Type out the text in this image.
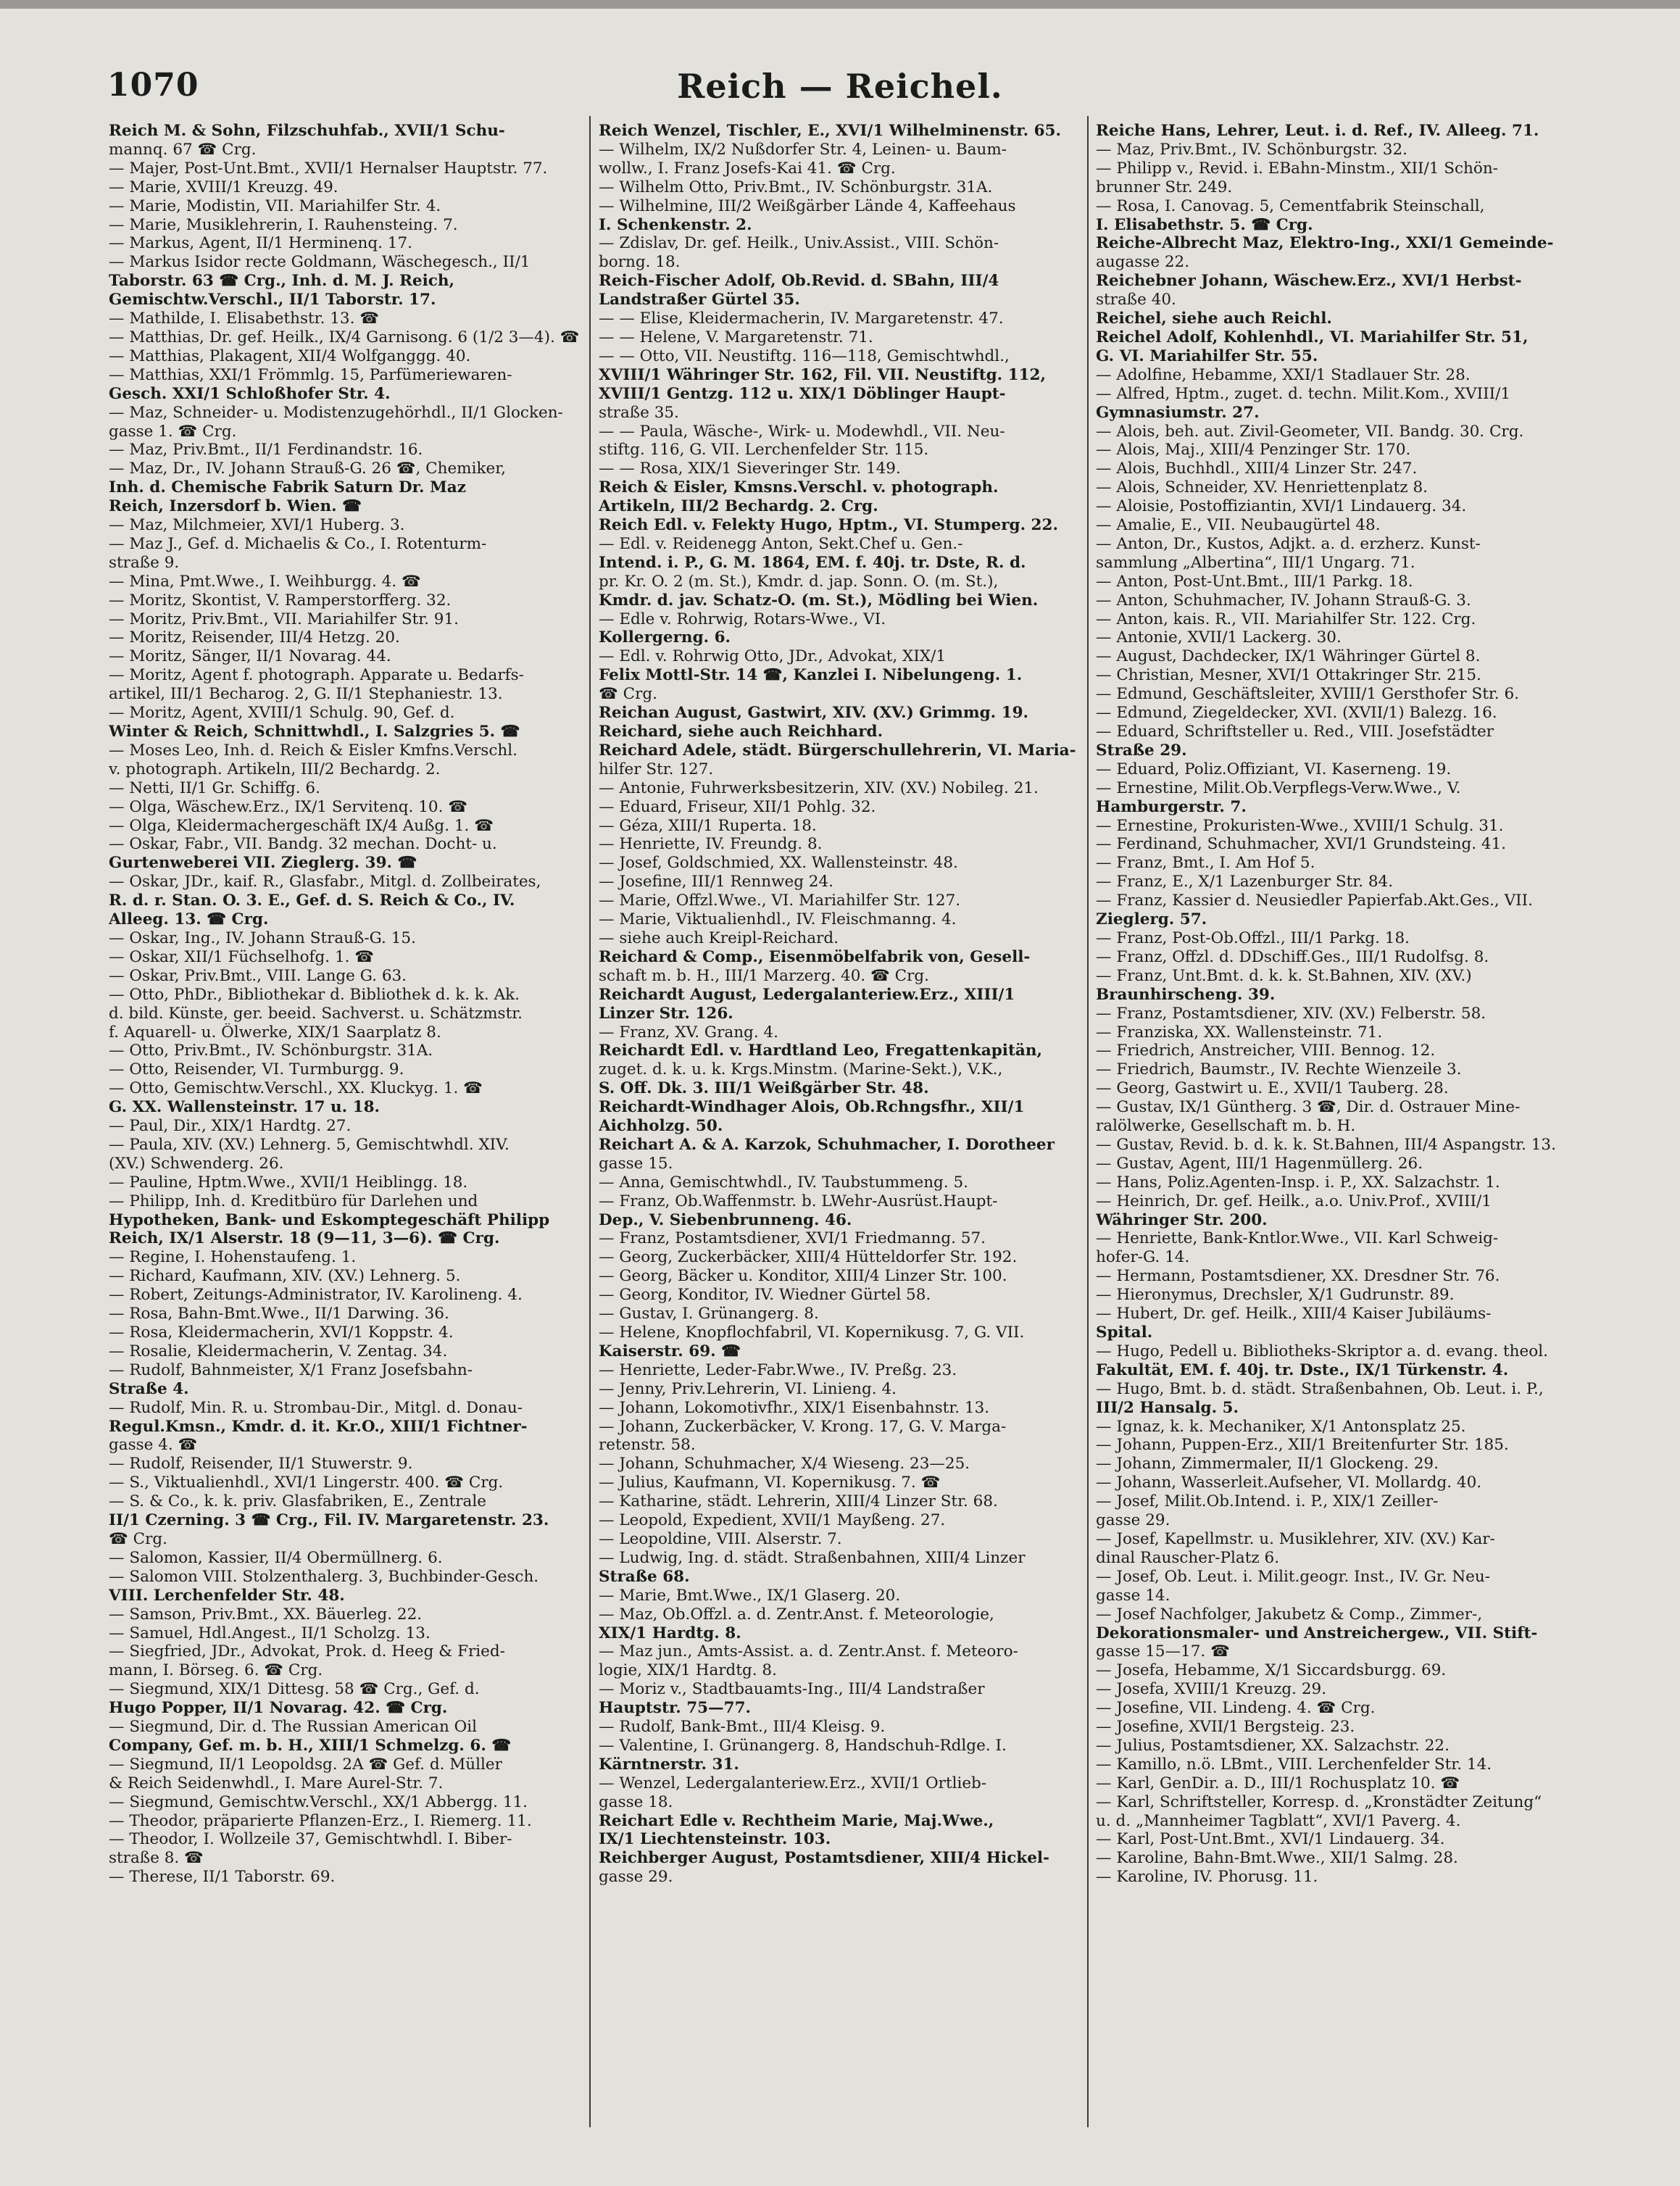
1070	Reich — Reichel.
Reich M. & Sohn, Filzschuhfab., XVII/1 Schu-
mannq. 67 ☎ Crg.
— Majer, Post-Unt.Bmt., XVII/1 Hernalser Hauptstr. 77.
— Marie, XVIII/1 Kreuzg. 49.
— Marie, Modistin, VII. Mariahilfer Str. 4.
— Marie, Musiklehrerin, I. Rauhensteing. 7.
— Markus, Agent, II/1 Herminenq. 17.
— Markus Isidor recte Goldmann, Wäschegesch., II/1
Taborstr. 63 ☎ Crg., Inh. d. M. J. Reich,
Gemischtw.Verschl., II/1 Taborstr. 17.
— Mathilde, I. Elisabethstr. 13. ☎
— Matthias, Dr. gef. Heilk., IX/4 Garnisong. 6 (1/2 3—4). ☎
— Matthias, Plakagent, XII/4 Wolfganggg. 40.
— Matthias, XXI/1 Frömmlg. 15, Parfümeriewaren-
Gesch. XXI/1 Schloßhofer Str. 4.
— Maz, Schneider- u. Modistenzugehörhdl., II/1 Glocken-
gasse 1. ☎ Crg.
— Maz, Priv.Bmt., II/1 Ferdinandstr. 16.
— Maz, Dr., IV. Johann Strauß-G. 26 ☎, Chemiker,
Inh. d. Chemische Fabrik Saturn Dr. Maz
Reich, Inzersdorf b. Wien. ☎
— Maz, Milchmeier, XVI/1 Huberg. 3.
— Maz J., Gef. d. Michaelis & Co., I. Rotenturm-
straße 9.
— Mina, Pmt.Wwe., I. Weihburgg. 4. ☎
— Moritz, Skontist, V. Ramperstorfferg. 32.
— Moritz, Priv.Bmt., VII. Mariahilfer Str. 91.
— Moritz, Reisender, III/4 Hetzg. 20.
— Moritz, Sänger, II/1 Novarag. 44.
— Moritz, Agent f. photograph. Apparate u. Bedarfs-
artikel, III/1 Becharog. 2, G. II/1 Stephaniestr. 13.
— Moritz, Agent, XVIII/1 Schulg. 90, Gef. d.
Winter & Reich, Schnittwhdl., I. Salzgries 5. ☎
— Moses Leo, Inh. d. Reich & Eisler Kmfns.Verschl.
v. photograph. Artikeln, III/2 Bechardg. 2.
— Netti, II/1 Gr. Schiffg. 6.
— Olga, Wäschew.Erz., IX/1 Servitenq. 10. ☎
— Olga, Kleidermachergeschäft IX/4 Außg. 1. ☎
— Oskar, Fabr., VII. Bandg. 32 mechan. Docht- u.
Gurtenweberei VII. Zieglerg. 39. ☎
— Oskar, JDr., kaif. R., Glasfabr., Mitgl. d. Zollbeirates,
R. d. r. Stan. O. 3. E., Gef. d. S. Reich & Co., IV.
Alleeg. 13. ☎ Crg.
— Oskar, Ing., IV. Johann Strauß-G. 15.
— Oskar, XII/1 Füchselhofg. 1. ☎
— Oskar, Priv.Bmt., VIII. Lange G. 63.
— Otto, PhDr., Bibliothekar d. Bibliothek d. k. k. Ak.
d. bild. Künste, ger. beeid. Sachverst. u. Schätzmstr.
f. Aquarell- u. Ölwerke, XIX/1 Saarplatz 8.
— Otto, Priv.Bmt., IV. Schönburgstr. 31A.
— Otto, Reisender, VI. Turmburgg. 9.
— Otto, Gemischtw.Verschl., XX. Kluckyg. 1. ☎
G. XX. Wallensteinstr. 17 u. 18.
— Paul, Dir., XIX/1 Hardtg. 27.
— Paula, XIV. (XV.) Lehnerg. 5, Gemischtwhdl. XIV.
(XV.) Schwenderg. 26.
— Pauline, Hptm.Wwe., XVII/1 Heiblingg. 18.
— Philipp, Inh. d. Kreditbüro für Darlehen und
Hypotheken, Bank- und Eskomptegeschäft Philipp
Reich, IX/1 Alserstr. 18 (9—11, 3—6). ☎ Crg.
— Regine, I. Hohenstaufeng. 1.
— Richard, Kaufmann, XIV. (XV.) Lehnerg. 5.
— Robert, Zeitungs-Administrator, IV. Karolineng. 4.
— Rosa, Bahn-Bmt.Wwe., II/1 Darwing. 36.
— Rosa, Kleidermacherin, XVI/1 Koppstr. 4.
— Rosalie, Kleidermacherin, V. Zentag. 34.
— Rudolf, Bahnmeister, X/1 Franz Josefsbahn-
Straße 4.
— Rudolf, Min. R. u. Strombau-Dir., Mitgl. d. Donau-
Regul.Kmsn., Kmdr. d. it. Kr.O., XIII/1 Fichtner-
gasse 4. ☎
— Rudolf, Reisender, II/1 Stuwerstr. 9.
— S., Viktualienhdl., XVI/1 Lingerstr. 400. ☎ Crg.
— S. & Co., k. k. priv. Glasfabriken, E., Zentrale
II/1 Czerning. 3 ☎ Crg., Fil. IV. Margaretenstr. 23.
☎ Crg.
— Salomon, Kassier, II/4 Obermüllnerg. 6.
— Salomon VIII. Stolzenthalerg. 3, Buchbinder-Gesch.
VIII. Lerchenfelder Str. 48.
— Samson, Priv.Bmt., XX. Bäuerleg. 22.
— Samuel, Hdl.Angest., II/1 Scholzg. 13.
— Siegfried, JDr., Advokat, Prok. d. Heeg & Fried-
mann, I. Börseg. 6. ☎ Crg.
— Siegmund, XIX/1 Dittesg. 58 ☎ Crg., Gef. d.
Hugo Popper, II/1 Novarag. 42. ☎ Crg.
— Siegmund, Dir. d. The Russian American Oil
Company, Gef. m. b. H., XIII/1 Schmelzg. 6. ☎
— Siegmund, II/1 Leopoldsg. 2A ☎ Gef. d. Müller
& Reich Seidenwhdl., I. Mare Aurel-Str. 7.
— Siegmund, Gemischtw.Verschl., XX/1 Abbergg. 11.
— Theodor, präparierte Pflanzen-Erz., I. Riemerg. 11.
— Theodor, I. Wollzeile 37, Gemischtwhdl. I. Biber-
straße 8. ☎
— Therese, II/1 Taborstr. 69.
Reich Wenzel, Tischler, E., XVI/1 Wilhelminenstr. 65.
— Wilhelm, IX/2 Nußdorfer Str. 4, Leinen- u. Baum-
wollw., I. Franz Josefs-Kai 41. ☎ Crg.
— Wilhelm Otto, Priv.Bmt., IV. Schönburgstr. 31A.
— Wilhelmine, III/2 Weißgärber Lände 4, Kaffeehaus
I. Schenkenstr. 2.
— Zdislav, Dr. gef. Heilk., Univ.Assist., VIII. Schön-
borng. 18.
Reich-Fischer Adolf, Ob.Revid. d. SBahn, III/4
Landstraßer Gürtel 35.
— — Elise, Kleidermacherin, IV. Margaretenstr. 47.
— — Helene, V. Margaretenstr. 71.
— — Otto, VII. Neustiftg. 116—118, Gemischtwhdl.,
XVIII/1 Währinger Str. 162, Fil. VII. Neustiftg. 112,
XVIII/1 Gentzg. 112 u. XIX/1 Döblinger Haupt-
straße 35.
— — Paula, Wäsche-, Wirk- u. Modewhdl., VII. Neu-
stiftg. 116, G. VII. Lerchenfelder Str. 115.
— — Rosa, XIX/1 Sieveringer Str. 149.
Reich & Eisler, Kmsns.Verschl. v. photograph.
Artikeln, III/2 Bechardg. 2. Crg.
Reich Edl. v. Felekty Hugo, Hptm., VI. Stumperg. 22.
— Edl. v. Reidenegg Anton, Sekt.Chef u. Gen.-
Intend. i. P., G. M. 1864, EM. f. 40j. tr. Dste, R. d.
pr. Kr. O. 2 (m. St.), Kmdr. d. jap. Sonn. O. (m. St.),
Kmdr. d. jav. Schatz-O. (m. St.), Mödling bei Wien.
— Edle v. Rohrwig, Rotars-Wwe., VI.
Kollergerng. 6.
— Edl. v. Rohrwig Otto, JDr., Advokat, XIX/1
Felix Mottl-Str. 14 ☎, Kanzlei I. Nibelungeng. 1.
☎ Crg.
Reichan August, Gastwirt, XIV. (XV.) Grimmg. 19.
Reichard, siehe auch Reichhard.
Reichard Adele, städt. Bürgerschullehrerin, VI. Maria-
hilfer Str. 127.
— Antonie, Fuhrwerksbesitzerin, XIV. (XV.) Nobileg. 21.
— Eduard, Friseur, XII/1 Pohlg. 32.
— Géza, XIII/1 Ruperta. 18.
— Henriette, IV. Freundg. 8.
— Josef, Goldschmied, XX. Wallensteinstr. 48.
— Josefine, III/1 Rennweg 24.
— Marie, Offzl.Wwe., VI. Mariahilfer Str. 127.
— Marie, Viktualienhdl., IV. Fleischmanng. 4.
— siehe auch Kreipl-Reichard.
Reichard & Comp., Eisenmöbelfabrik von, Gesell-
schaft m. b. H., III/1 Marzerg. 40. ☎ Crg.
Reichardt August, Ledergalanteriew.Erz., XIII/1
Linzer Str. 126.
— Franz, XV. Grang. 4.
Reichardt Edl. v. Hardtland Leo, Fregattenkapitän,
zuget. d. k. u. k. Krgs.Minstm. (Marine-Sekt.), V.K.,
S. Off. Dk. 3. III/1 Weißgärber Str. 48.
Reichardt-Windhager Alois, Ob.Rchngsfhr., XII/1
Aichholzg. 50.
Reichart A. & A. Karzok, Schuhmacher, I. Dorotheer
gasse 15.
— Anna, Gemischtwhdl., IV. Taubstummeng. 5.
— Franz, Ob.Waffenmstr. b. LWehr-Ausrüst.Haupt-
Dep., V. Siebenbrunneng. 46.
— Franz, Postamtsdiener, XVI/1 Friedmanng. 57.
— Georg, Zuckerbäcker, XIII/4 Hütteldorfer Str. 192.
— Georg, Bäcker u. Konditor, XIII/4 Linzer Str. 100.
— Georg, Konditor, IV. Wiedner Gürtel 58.
— Gustav, I. Grünangerg. 8.
— Helene, Knopflochfabril, VI. Kopernikusg. 7, G. VII.
Kaiserstr. 69. ☎
— Henriette, Leder-Fabr.Wwe., IV. Preßg. 23.
— Jenny, Priv.Lehrerin, VI. Linieng. 4.
— Johann, Lokomotivfhr., XIX/1 Eisenbahnstr. 13.
— Johann, Zuckerbäcker, V. Krong. 17, G. V. Marga-
retenstr. 58.
— Johann, Schuhmacher, X/4 Wieseng. 23—25.
— Julius, Kaufmann, VI. Kopernikusg. 7. ☎
— Katharine, städt. Lehrerin, XIII/4 Linzer Str. 68.
— Leopold, Expedient, XVII/1 Mayßeng. 27.
— Leopoldine, VIII. Alserstr. 7.
— Ludwig, Ing. d. städt. Straßenbahnen, XIII/4 Linzer
Straße 68.
— Marie, Bmt.Wwe., IX/1 Glaserg. 20.
— Maz, Ob.Offzl. a. d. Zentr.Anst. f. Meteorologie,
XIX/1 Hardtg. 8.
— Maz jun., Amts-Assist. a. d. Zentr.Anst. f. Meteoro-
logie, XIX/1 Hardtg. 8.
— Moriz v., Stadtbauamts-Ing., III/4 Landstraßer
Hauptstr. 75—77.
— Rudolf, Bank-Bmt., III/4 Kleisg. 9.
— Valentine, I. Grünangerg. 8, Handschuh-Rdlge. I.
Kärntnerstr. 31.
— Wenzel, Ledergalanteriew.Erz., XVII/1 Ortlieb-
gasse 18.
Reichart Edle v. Rechtheim Marie, Maj.Wwe.,
IX/1 Liechtensteinstr. 103.
Reichberger August, Postamtsdiener, XIII/4 Hickel-
gasse 29.
Reiche Hans, Lehrer, Leut. i. d. Ref., IV. Alleeg. 71.
— Maz, Priv.Bmt., IV. Schönburgstr. 32.
— Philipp v., Revid. i. EBahn-Minstm., XII/1 Schön-
brunner Str. 249.
— Rosa, I. Canovag. 5, Cementfabrik Steinschall,
I. Elisabethstr. 5. ☎ Crg.
Reiche-Albrecht Maz, Elektro-Ing., XXI/1 Gemeinde-
augasse 22.
Reichebner Johann, Wäschew.Erz., XVI/1 Herbst-
straße 40.
Reichel, siehe auch Reichl.
Reichel Adolf, Kohlenhdl., VI. Mariahilfer Str. 51,
G. VI. Mariahilfer Str. 55.
— Adolfine, Hebamme, XXI/1 Stadlauer Str. 28.
— Alfred, Hptm., zuget. d. techn. Milit.Kom., XVIII/1
Gymnasiumstr. 27.
— Alois, beh. aut. Zivil-Geometer, VII. Bandg. 30. Crg.
— Alois, Maj., XIII/4 Penzinger Str. 170.
— Alois, Buchhdl., XIII/4 Linzer Str. 247.
— Alois, Schneider, XV. Henriettenplatz 8.
— Aloisie, Postoffiziantin, XVI/1 Lindauerg. 34.
— Amalie, E., VII. Neubaugürtel 48.
— Anton, Dr., Kustos, Adjkt. a. d. erzherz. Kunst-
sammlung „Albertina“, III/1 Ungarg. 71.
— Anton, Post-Unt.Bmt., III/1 Parkg. 18.
— Anton, Schuhmacher, IV. Johann Strauß-G. 3.
— Anton, kais. R., VII. Mariahilfer Str. 122. Crg.
— Antonie, XVII/1 Lackerg. 30.
— August, Dachdecker, IX/1 Währinger Gürtel 8.
— Christian, Mesner, XVI/1 Ottakringer Str. 215.
— Edmund, Geschäftsleiter, XVIII/1 Gersthofer Str. 6.
— Edmund, Ziegeldecker, XVI. (XVII/1) Balezg. 16.
— Eduard, Schriftsteller u. Red., VIII. Josefstädter
Straße 29.
— Eduard, Poliz.Offiziant, VI. Kaserneng. 19.
— Ernestine, Milit.Ob.Verpflegs-Verw.Wwe., V.
Hamburgerstr. 7.
— Ernestine, Prokuristen-Wwe., XVIII/1 Schulg. 31.
— Ferdinand, Schuhmacher, XVI/1 Grundsteing. 41.
— Franz, Bmt., I. Am Hof 5.
— Franz, E., X/1 Lazenburger Str. 84.
— Franz, Kassier d. Neusiedler Papierfab.Akt.Ges., VII.
Zieglerg. 57.
— Franz, Post-Ob.Offzl., III/1 Parkg. 18.
— Franz, Offzl. d. DDschiff.Ges., III/1 Rudolfsg. 8.
— Franz, Unt.Bmt. d. k. k. St.Bahnen, XIV. (XV.)
Braunhirscheng. 39.
— Franz, Postamtsdiener, XIV. (XV.) Felberstr. 58.
— Franziska, XX. Wallensteinstr. 71.
— Friedrich, Anstreicher, VIII. Bennog. 12.
— Friedrich, Baumstr., IV. Rechte Wienzeile 3.
— Georg, Gastwirt u. E., XVII/1 Tauberg. 28.
— Gustav, IX/1 Güntherg. 3 ☎, Dir. d. Ostrauer Mine-
ralölwerke, Gesellschaft m. b. H.
— Gustav, Revid. b. d. k. k. St.Bahnen, III/4 Aspangstr. 13.
— Gustav, Agent, III/1 Hagenmüllerg. 26.
— Hans, Poliz.Agenten-Insp. i. P., XX. Salzachstr. 1.
— Heinrich, Dr. gef. Heilk., a.o. Univ.Prof., XVIII/1
Währinger Str. 200.
— Henriette, Bank-Kntlor.Wwe., VII. Karl Schweig-
hofer-G. 14.
— Hermann, Postamtsdiener, XX. Dresdner Str. 76.
— Hieronymus, Drechsler, X/1 Gudrunstr. 89.
— Hubert, Dr. gef. Heilk., XIII/4 Kaiser Jubiläums-
Spital.
— Hugo, Pedell u. Bibliotheks-Skriptor a. d. evang. theol.
Fakultät, EM. f. 40j. tr. Dste., IX/1 Türkenstr. 4.
— Hugo, Bmt. b. d. städt. Straßenbahnen, Ob. Leut. i. P.,
III/2 Hansalg. 5.
— Ignaz, k. k. Mechaniker, X/1 Antonsplatz 25.
— Johann, Puppen-Erz., XII/1 Breitenfurter Str. 185.
— Johann, Zimmermaler, II/1 Glockeng. 29.
— Johann, Wasserleit.Aufseher, VI. Mollardg. 40.
— Josef, Milit.Ob.Intend. i. P., XIX/1 Zeiller-
gasse 29.
— Josef, Kapellmstr. u. Musiklehrer, XIV. (XV.) Kar-
dinal Rauscher-Platz 6.
— Josef, Ob. Leut. i. Milit.geogr. Inst., IV. Gr. Neu-
gasse 14.
— Josef Nachfolger, Jakubetz & Comp., Zimmer-,
Dekorationsmaler- und Anstreichergew., VII. Stift-
gasse 15—17. ☎
— Josefa, Hebamme, X/1 Siccardsburgg. 69.
— Josefa, XVIII/1 Kreuzg. 29.
— Josefine, VII. Lindeng. 4. ☎ Crg.
— Josefine, XVII/1 Bergsteig. 23.
— Julius, Postamtsdiener, XX. Salzachstr. 22.
— Kamillo, n.ö. LBmt., VIII. Lerchenfelder Str. 14.
— Karl, GenDir. a. D., III/1 Rochusplatz 10. ☎
— Karl, Schriftsteller, Korresp. d. „Kronstädter Zeitung“
u. d. „Mannheimer Tagblatt“, XVI/1 Paverg. 4.
— Karl, Post-Unt.Bmt., XVI/1 Lindauerg. 34.
— Karoline, Bahn-Bmt.Wwe., XII/1 Salmg. 28.
— Karoline, IV. Phorusg. 11.
